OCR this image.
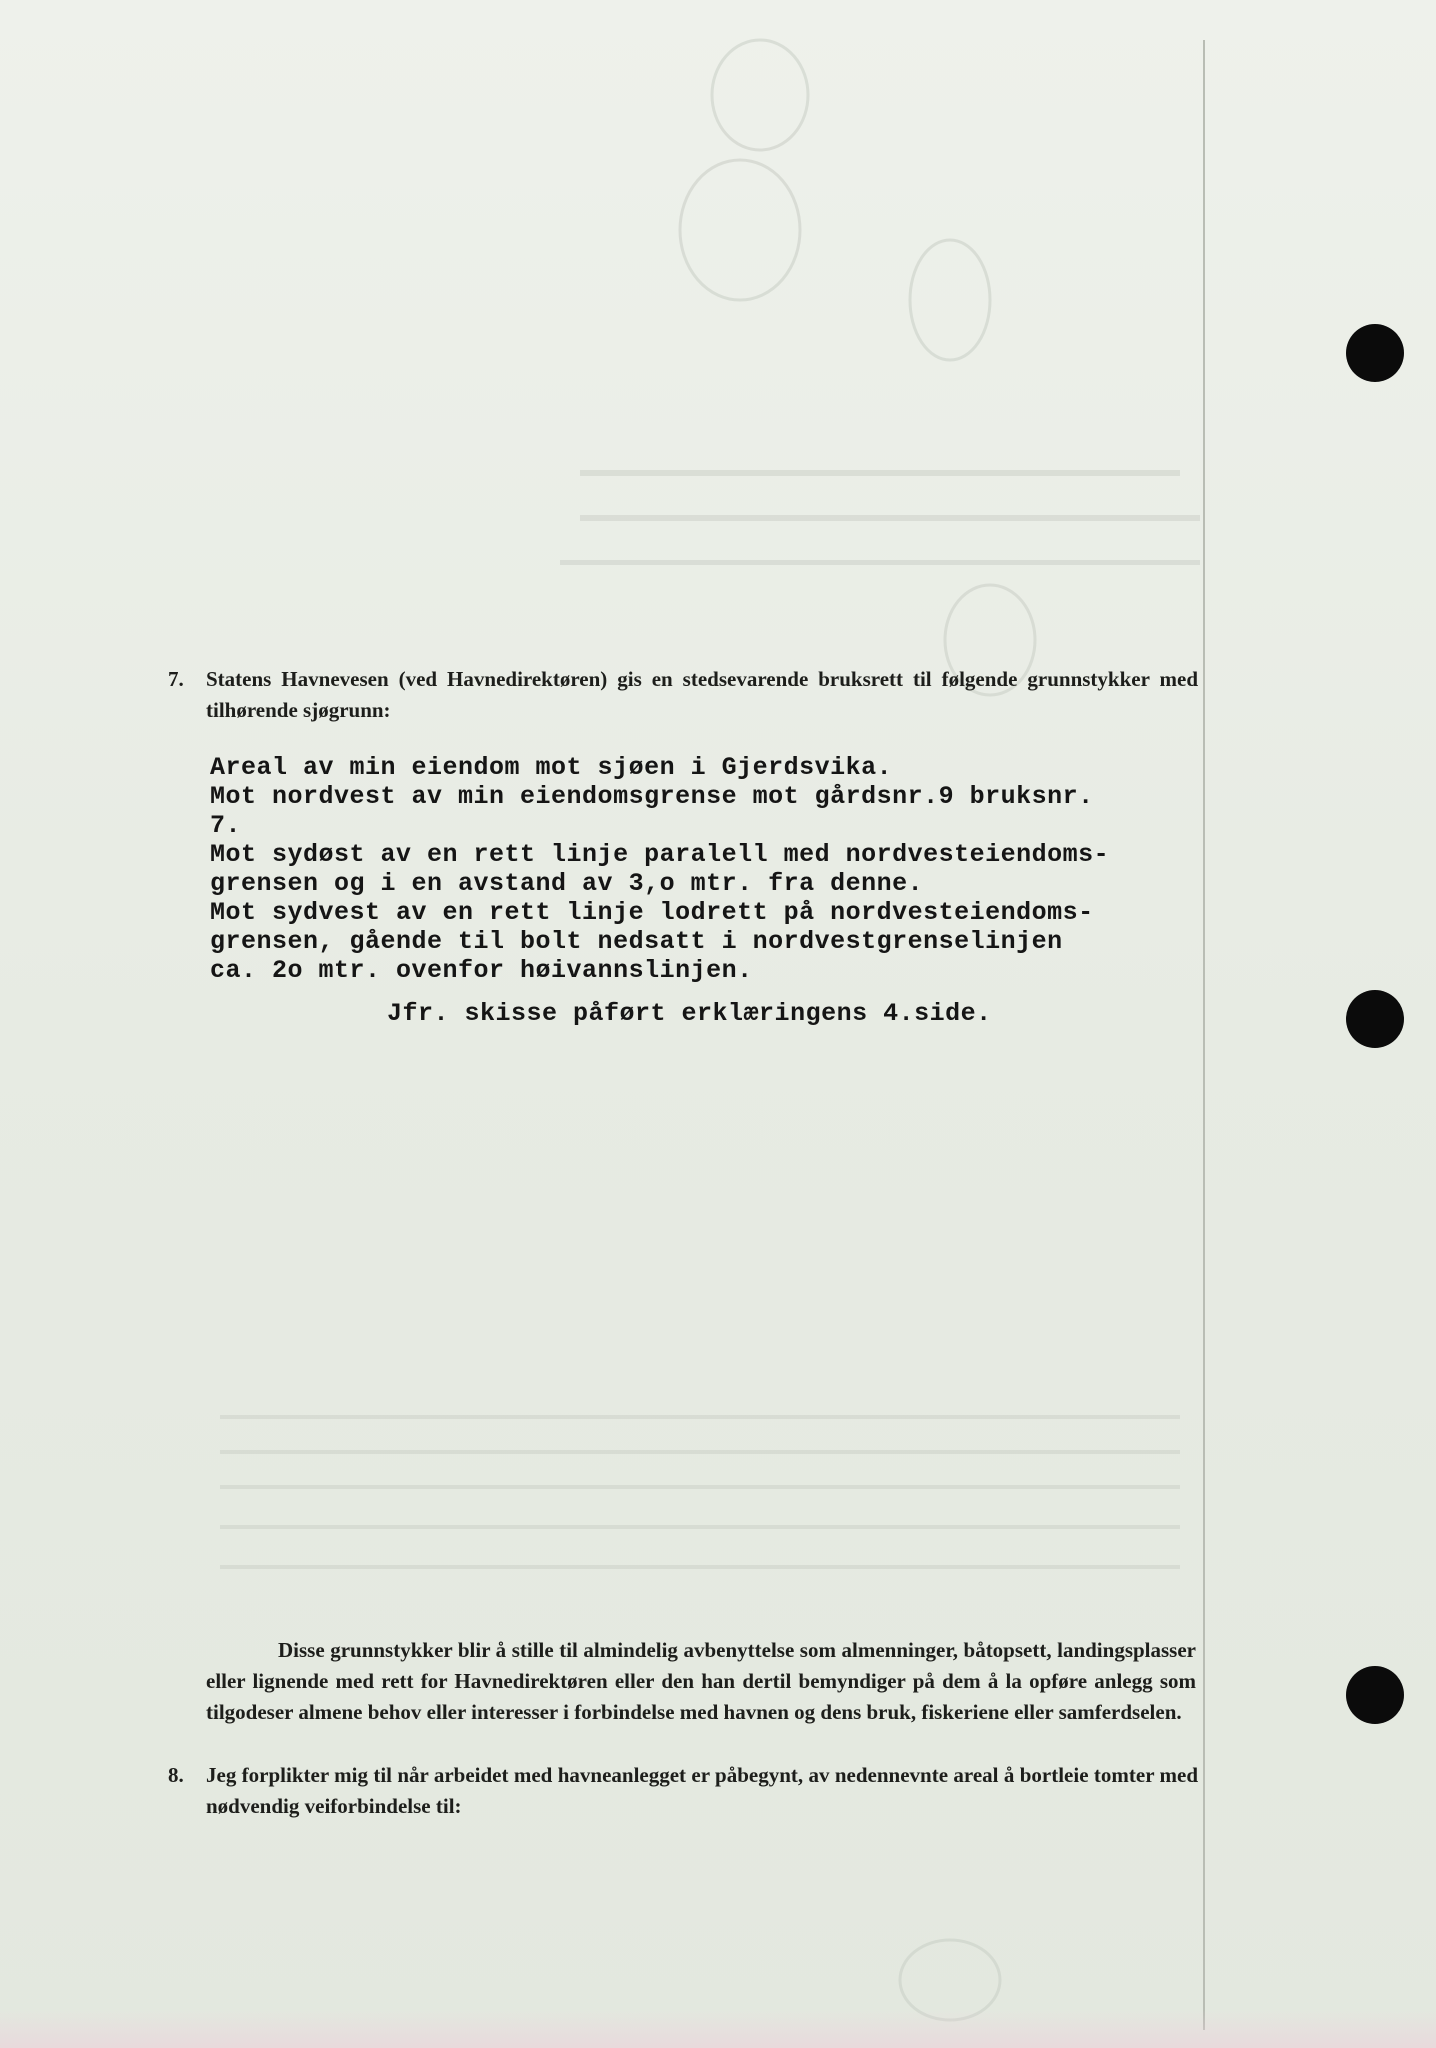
7. Statens Havnevesen (ved Havnedirektøren) gis en stedsevarende bruksrett til følgende grunnstykker med tilhørende sjøgrunn:
Areal av min eiendom mot sjøen i Gjerdsvika.
Mot nordvest av min eiendomsgrense mot gårdsnr.9 bruksnr.
7.
Mot sydøst av en rett linje paralell med nordvesteiendoms-
grensen og i en avstand av 3,o mtr. fra denne.
Mot sydvest av en rett linje lodrett på nordvesteiendoms-
grensen, gående til bolt nedsatt i nordvestgrenselinjen
ca. 2o mtr. ovenfor høivannslinjen.
Jfr. skisse påført erklæringens 4.side.
Disse grunnstykker blir å stille til almindelig avbenyttelse som almenninger, båtopsett, landingsplasser eller lignende med rett for Havnedirektøren eller den han dertil bemyndiger på dem å la opføre anlegg som tilgodeser almene behov eller interesser i forbindelse med havnen og dens bruk, fiskeriene eller samferdselen.
8. Jeg forplikter mig til når arbeidet med havneanlegget er påbegynt, av nedennevnte areal å bortleie tomter med nødvendig veiforbindelse til:
